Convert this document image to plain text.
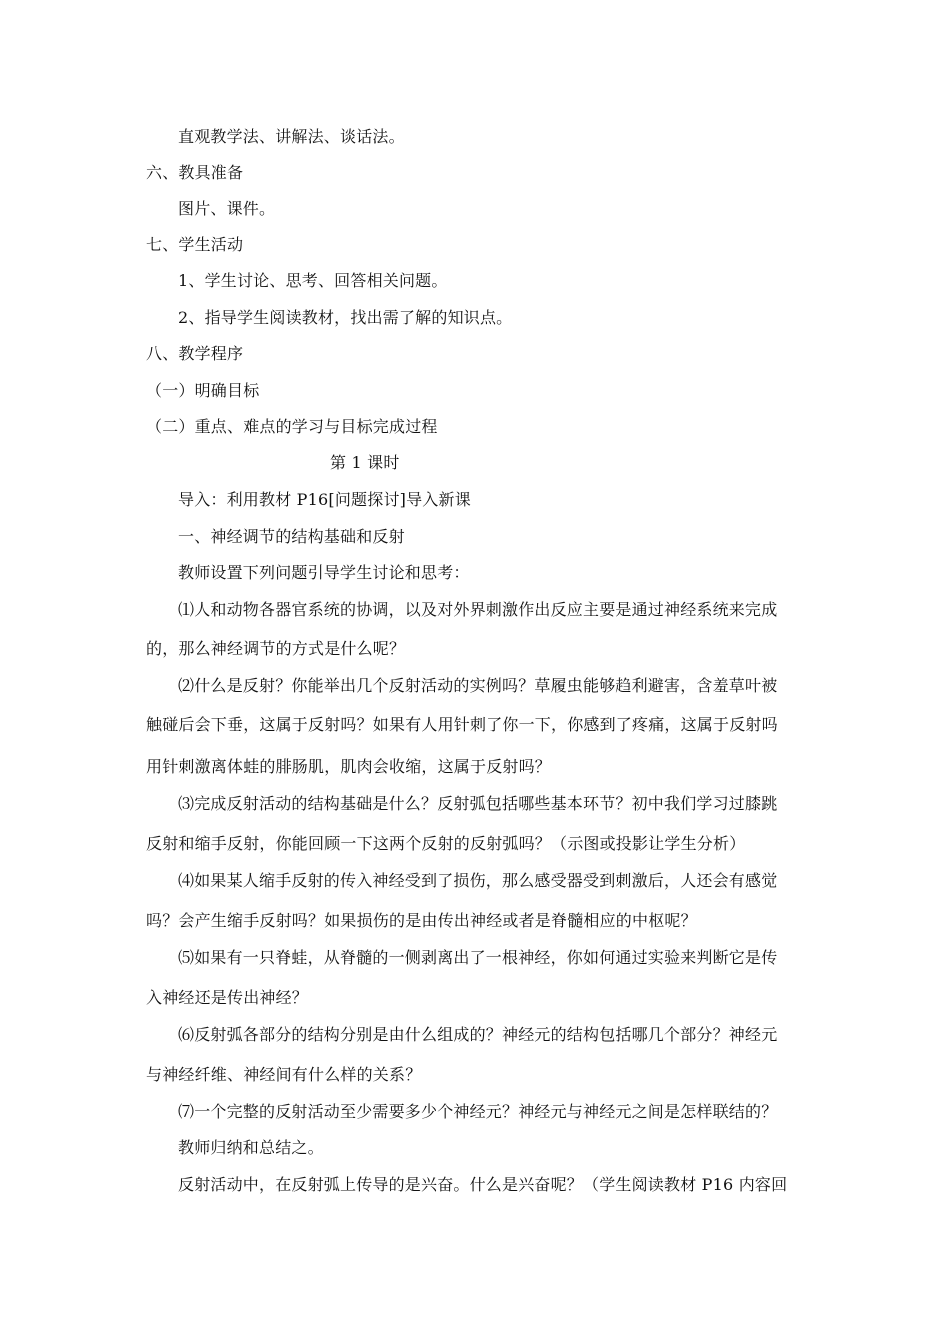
直观教学法、讲解法、谈话法。
六、教具准备
图片、课件。
七、学生活动
1、学生讨论、思考、回答相关问题。
2、指导学生阅读教材，找出需了解的知识点。
八、教学程序
（一）明确目标
（二）重点、难点的学习与目标完成过程
第 1 课时
导入：利用教材 P16[问题探讨]导入新课
一、神经调节的结构基础和反射
教师设置下列问题引导学生讨论和思考：
⑴人和动物各器官系统的协调，以及对外界刺激作出反应主要是通过神经系统来完成
的，那么神经调节的方式是什么呢？
⑵什么是反射？你能举出几个反射活动的实例吗？草履虫能够趋利避害，含羞草叶被
触碰后会下垂，这属于反射吗？如果有人用针刺了你一下，你感到了疼痛，这属于反射吗
用针刺激离体蛙的腓肠肌，肌肉会收缩，这属于反射吗？
⑶完成反射活动的结构基础是什么？反射弧包括哪些基本环节？初中我们学习过膝跳
反射和缩手反射，你能回顾一下这两个反射的反射弧吗？（示图或投影让学生分析）
⑷如果某人缩手反射的传入神经受到了损伤，那么感受器受到刺激后，人还会有感觉
吗？会产生缩手反射吗？如果损伤的是由传出神经或者是脊髓相应的中枢呢？
⑸如果有一只脊蛙，从脊髓的一侧剥离出了一根神经，你如何通过实验来判断它是传
入神经还是传出神经？
⑹反射弧各部分的结构分别是由什么组成的？神经元的结构包括哪几个部分？神经元
与神经纤维、神经间有什么样的关系？
⑺一个完整的反射活动至少需要多少个神经元？神经元与神经元之间是怎样联结的？
教师归纳和总结之。
反射活动中，在反射弧上传导的是兴奋。什么是兴奋呢？（学生阅读教材 P16 内容回
